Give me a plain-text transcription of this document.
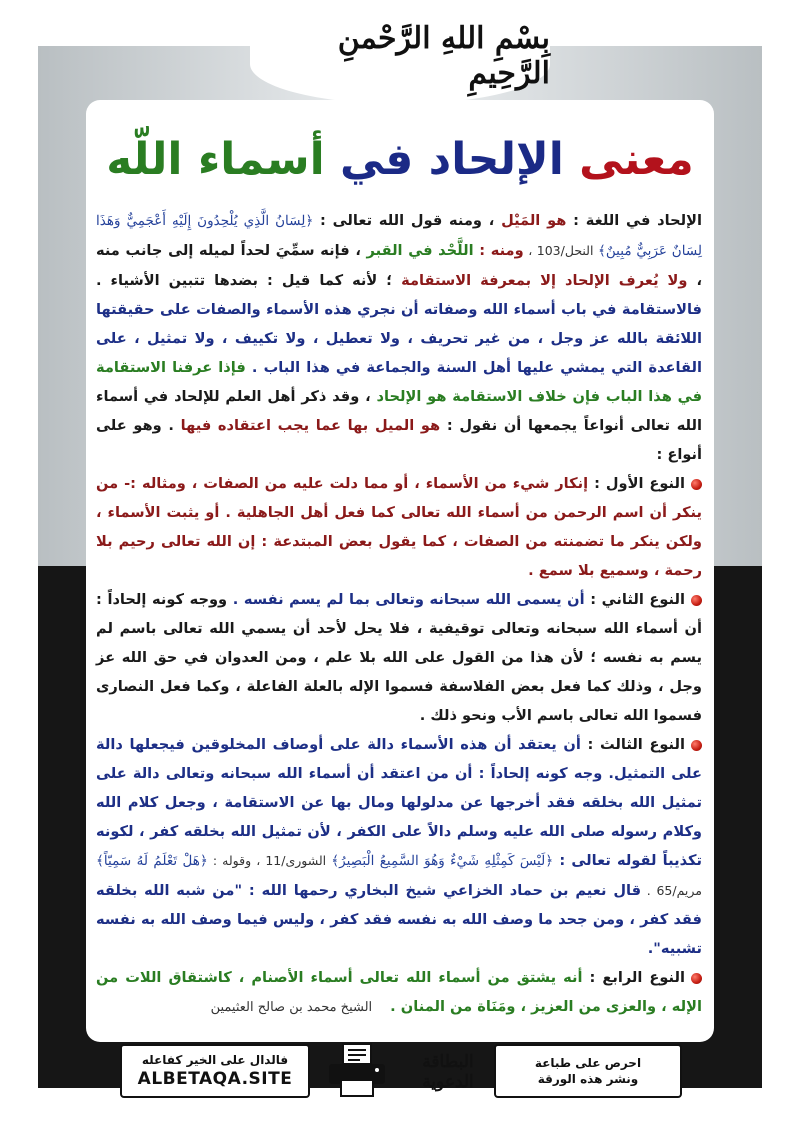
بِسْمِ اللهِ الرَّحْمنِ الرَّحِيمِ
معنى الإلحاد في أسماء اللّه

الإلحاد في اللغة : هو المَيْل ، ومنه قول الله تعالى : ﴿لِسَانُ الَّذِي يُلْحِدُونَ إِلَيْهِ أَعْجَمِيٌّ وَهَذَا لِسَانٌ عَرَبِيٌّ مُبِينٌ﴾ النحل/103 ، ومنه : اللَّحْد في القبر ، فإنه سمِّيَ لحداً لميله إلى جانب منه ، ولا يُعرف الإلحاد إلا بمعرفة الاستقامة ؛ لأنه كما قيل : بضدها تتبين الأشياء . فالاستقامة في باب أسماء الله وصفاته أن نجري هذه الأسماء والصفات على حقيقتها اللائقة بالله عز وجل ، من غير تحريف ، ولا تعطيل ، ولا تكييف ، ولا تمثيل ، على القاعدة التي يمشي عليها أهل السنة والجماعة في هذا الباب . فإذا عرفنا الاستقامة في هذا الباب فإن خلاف الاستقامة هو الإلحاد ، وقد ذكر أهل العلم للإلحاد في أسماء الله تعالى أنواعاً يجمعها أن نقول : هو الميل بها عما يجب اعتقاده فيها . وهو على أنواع :

النوع الأول : إنكار شيء من الأسماء ، أو مما دلت عليه من الصفات ، ومثاله :- من ينكر أن اسم الرحمن من أسماء الله تعالى كما فعل أهل الجاهلية . أو يثبت الأسماء ، ولكن ينكر ما تضمنته من الصفات ، كما يقول بعض المبتدعة : إن الله تعالى رحيم بلا رحمة ، وسميع بلا سمع .

النوع الثاني : أن يسمى الله سبحانه وتعالى بما لم يسم نفسه . ووجه كونه إلحاداً : أن أسماء الله سبحانه وتعالى توقيفية ، فلا يحل لأحد أن يسمي الله تعالى باسم لم يسم به نفسه ؛ لأن هذا من القول على الله بلا علم ، ومن العدوان في حق الله عز وجل ، وذلك كما فعل بعض الفلاسفة فسموا الإله بالعلة الفاعلة ، وكما فعل النصارى فسموا الله تعالى باسم الأب ونحو ذلك .

النوع الثالث : أن يعتقد أن هذه الأسماء دالة على أوصاف المخلوقين فيجعلها دالة على التمثيل. وجه كونه إلحاداً : أن من اعتقد أن أسماء الله سبحانه وتعالى دالة على تمثيل الله بخلقه فقد أخرجها عن مدلولها ومال بها عن الاستقامة ، وجعل كلام الله وكلام رسوله صلى الله عليه وسلم دالاً على الكفر ، لأن تمثيل الله بخلقه كفر ، لكونه تكذيباً لقوله تعالى : ﴿لَيْسَ كَمِثْلِهِ شَيْءٌ وَهُوَ السَّمِيعُ الْبَصِيرُ﴾ الشورى/11 ، وقوله : ﴿هَلْ تَعْلَمُ لَهُ سَمِيّاً﴾ مريم/65 . قال نعيم بن حماد الخزاعي شيخ البخاري رحمها الله : "من شبه الله بخلقه فقد كفر ، ومن جحد ما وصف الله به نفسه فقد كفر ، وليس فيما وصف الله به نفسه تشبيه".

النوع الرابع : أنه يشتق من أسماء الله تعالى أسماء الأصنام ، كاشتقاق اللات من الإله ، والعزى من العزيز ، ومَنَاة من المنان .الشيخ محمد بن صالح العثيمين

فالدال على الخير كفاعله
ALBETAQA.SITE
البطاقة
الدعوية
احرص على طباعة
ونشر هذه الورقة
